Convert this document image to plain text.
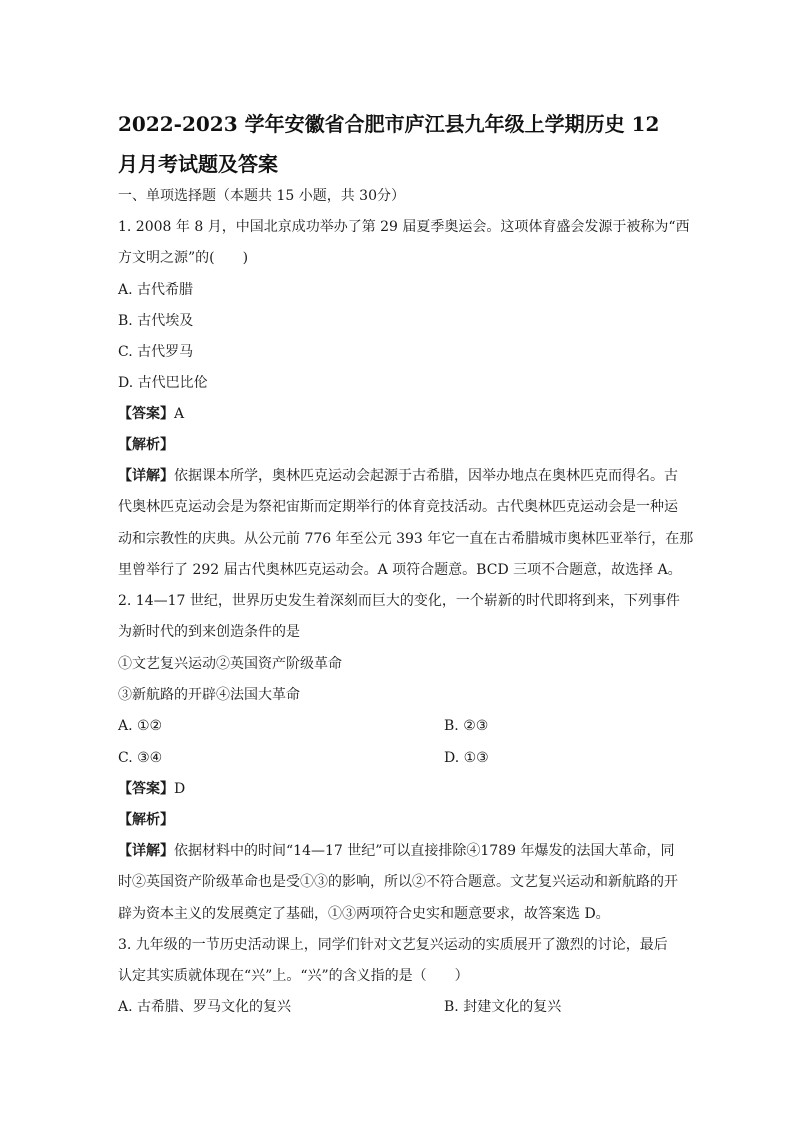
2022-2023 学年安徽省合肥市庐江县九年级上学期历史 12
月月考试题及答案
一、单项选择题（本题共 15 小题，共 30分）
1. 2008 年 8 月，中国北京成功举办了第 29 届夏季奥运会。这项体育盛会发源于被称为“西
方文明之源”的(　　)
A. 古代希腊
B. 古代埃及
C. 古代罗马
D. 古代巴比伦
【答案】A
【解析】
【详解】依据课本所学，奥林匹克运动会起源于古希腊，因举办地点在奥林匹克而得名。古
代奥林匹克运动会是为祭祀宙斯而定期举行的体育竞技活动。古代奥林匹克运动会是一种运
动和宗教性的庆典。从公元前 776 年至公元 393 年它一直在古希腊城市奥林匹亚举行，在那
里曾举行了 292 届古代奥林匹克运动会。A 项符合题意。BCD 三项不合题意，故选择 A。
2. 14—17 世纪，世界历史发生着深刻而巨大的变化，一个崭新的时代即将到来，下列事件
为新时代的到来创造条件的是
①文艺复兴运动②英国资产阶级革命
③新航路的开辟④法国大革命
A. ①②	B. ②③
C. ③④	D. ①③
【答案】D
【解析】
【详解】依据材料中的时间“14—17 世纪”可以直接排除④1789 年爆发的法国大革命，同
时②英国资产阶级革命也是受①③的影响，所以②不符合题意。文艺复兴运动和新航路的开
辟为资本主义的发展奠定了基础，①③两项符合史实和题意要求，故答案选 D。
3. 九年级的一节历史活动课上，同学们针对文艺复兴运动的实质展开了激烈的讨论，最后
认定其实质就体现在“兴”上。“兴”的含义指的是（　　）
A. 古希腊、罗马文化的复兴	B. 封建文化的复兴
